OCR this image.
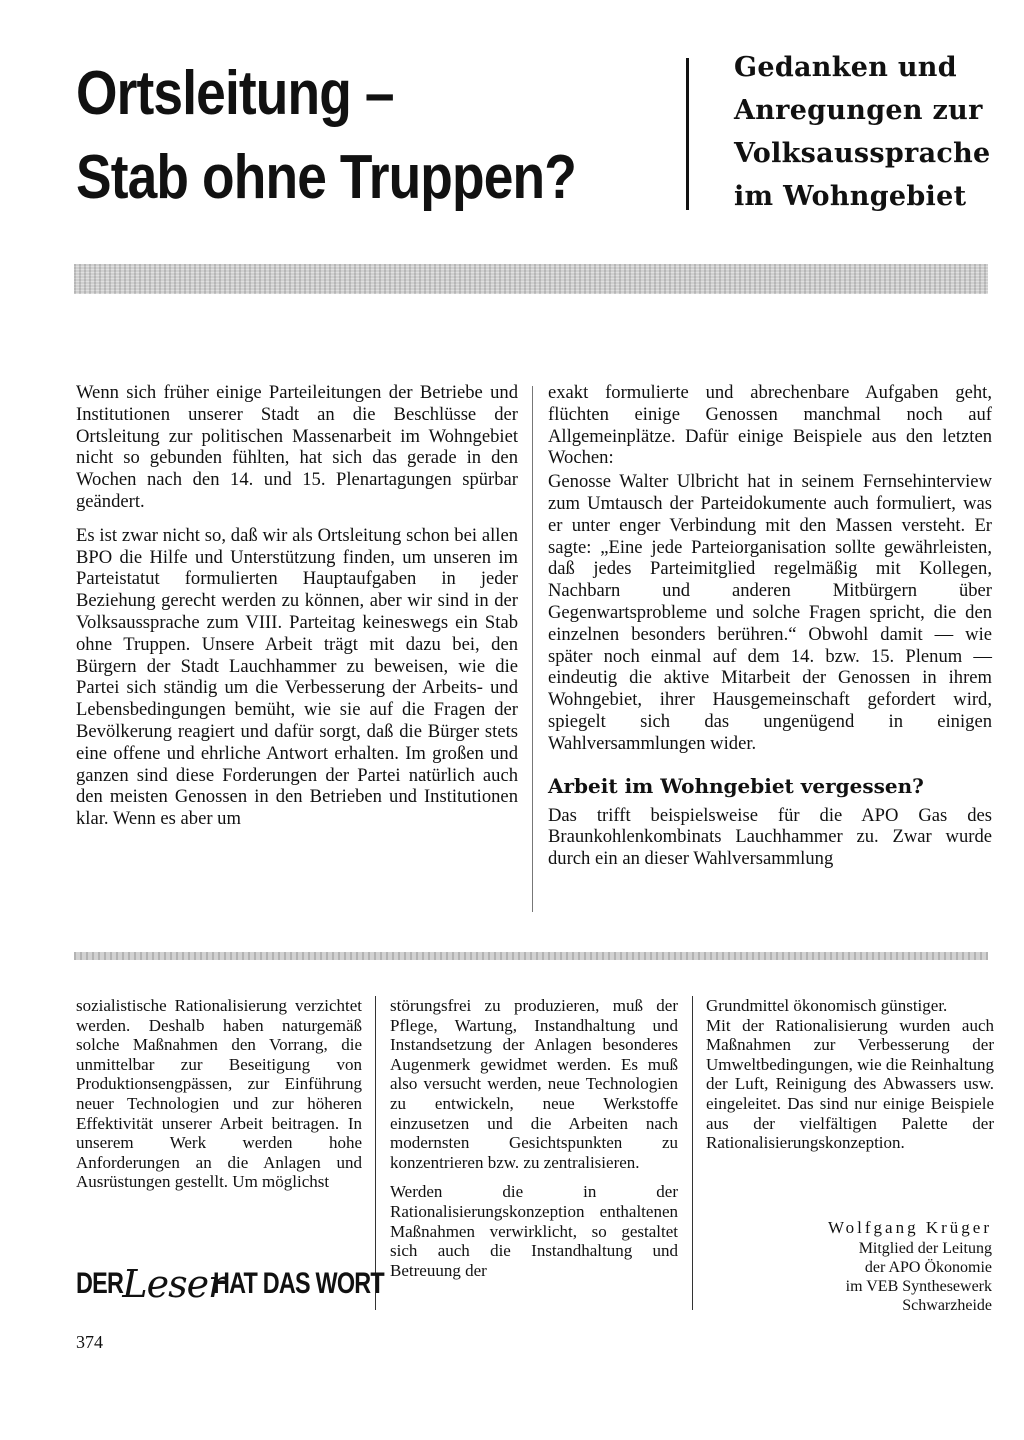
Ortsleitung –
Stab ohne Truppen?
Gedanken und
Anregungen zur
Volksaussprache
im Wohngebiet

Wenn sich früher einige Parteileitungen der Betriebe und Institutionen unserer Stadt an die Beschlüsse der Ortsleitung zur politischen Massenarbeit im Wohngebiet nicht so gebunden fühlten, hat sich das gerade in den Wochen nach den 14. und 15. Plenartagungen spürbar geändert.

Es ist zwar nicht so, daß wir als Ortsleitung schon bei allen BPO die Hilfe und Unterstützung finden, um unseren im Parteistatut formulierten Hauptaufgaben in jeder Beziehung gerecht werden zu können, aber wir sind in der Volksaussprache zum VIII. Parteitag keineswegs ein Stab ohne Truppen. Unsere Arbeit trägt mit dazu bei, den Bürgern der Stadt Lauchhammer zu beweisen, wie die Partei sich ständig um die Verbesserung der Arbeits- und Lebensbedingungen bemüht, wie sie auf die Fragen der Bevölkerung reagiert und dafür sorgt, daß die Bürger stets eine offene und ehrliche Antwort erhalten. Im großen und ganzen sind diese Forderungen der Partei natürlich auch den meisten Genossen in den Betrieben und Institutionen klar. Wenn es aber um

exakt formulierte und abrechenbare Aufgaben geht, flüchten einige Genossen manchmal noch auf Allgemeinplätze. Dafür einige Beispiele aus den letzten Wochen:

Genosse Walter Ulbricht hat in seinem Fernsehinterview zum Umtausch der Parteidokumente auch formuliert, was er unter enger Verbindung mit den Massen versteht. Er sagte: „Eine jede Parteiorganisation sollte gewährleisten, daß jedes Parteimitglied regelmäßig mit Kollegen, Nachbarn und anderen Mitbürgern über Gegenwartsprobleme und solche Fragen spricht, die den einzelnen besonders berühren.“ Obwohl damit — wie später noch einmal auf dem 14. bzw. 15. Plenum — eindeutig die aktive Mitarbeit der Genossen in ihrem Wohngebiet, ihrer Hausgemeinschaft gefordert wird, spiegelt sich das ungenügend in einigen Wahlversammlungen wider.

Arbeit im Wohngebiet vergessen?

Das trifft beispielsweise für die APO Gas des Braunkohlenkombinats Lauchhammer zu. Zwar wurde durch ein an dieser Wahlversammlung

sozialistische Rationalisierung verzichtet werden. Deshalb haben naturgemäß solche Maßnahmen den Vorrang, die unmittelbar zur Beseitigung von Produktionsengpässen, zur Einführung neuer Technologien und zur höheren Effektivität unserer Arbeit beitragen. In unserem Werk werden hohe Anforderungen an die Anlagen und Ausrüstungen gestellt. Um möglichst

störungsfrei zu produzieren, muß der Pflege, Wartung, Instandhaltung und Instandsetzung der Anlagen besonderes Augenmerk gewidmet werden. Es muß also versucht werden, neue Technologien zu entwickeln, neue Werkstoffe einzusetzen und die Arbeiten nach modernsten Gesichtspunkten zu konzentrieren bzw. zu zentralisieren.

Werden die in der Rationalisierungskonzeption enthaltenen Maßnahmen verwirklicht, so gestaltet sich auch die Instandhaltung und Betreuung der

Grundmittel ökonomisch günstiger.

Mit der Rationalisierung wurden auch Maßnahmen zur Verbesserung der Umweltbedingungen, wie die Reinhaltung der Luft, Reinigung des Abwassers usw. eingeleitet. Das sind nur einige Beispiele aus der vielfältigen Palette der Rationalisierungskonzeption.

Wolfgang Krüger
Mitglied der Leitung
der APO Ökonomie
im VEB Synthesewerk
Schwarzheide
DERLeserHAT DAS WORT
374
